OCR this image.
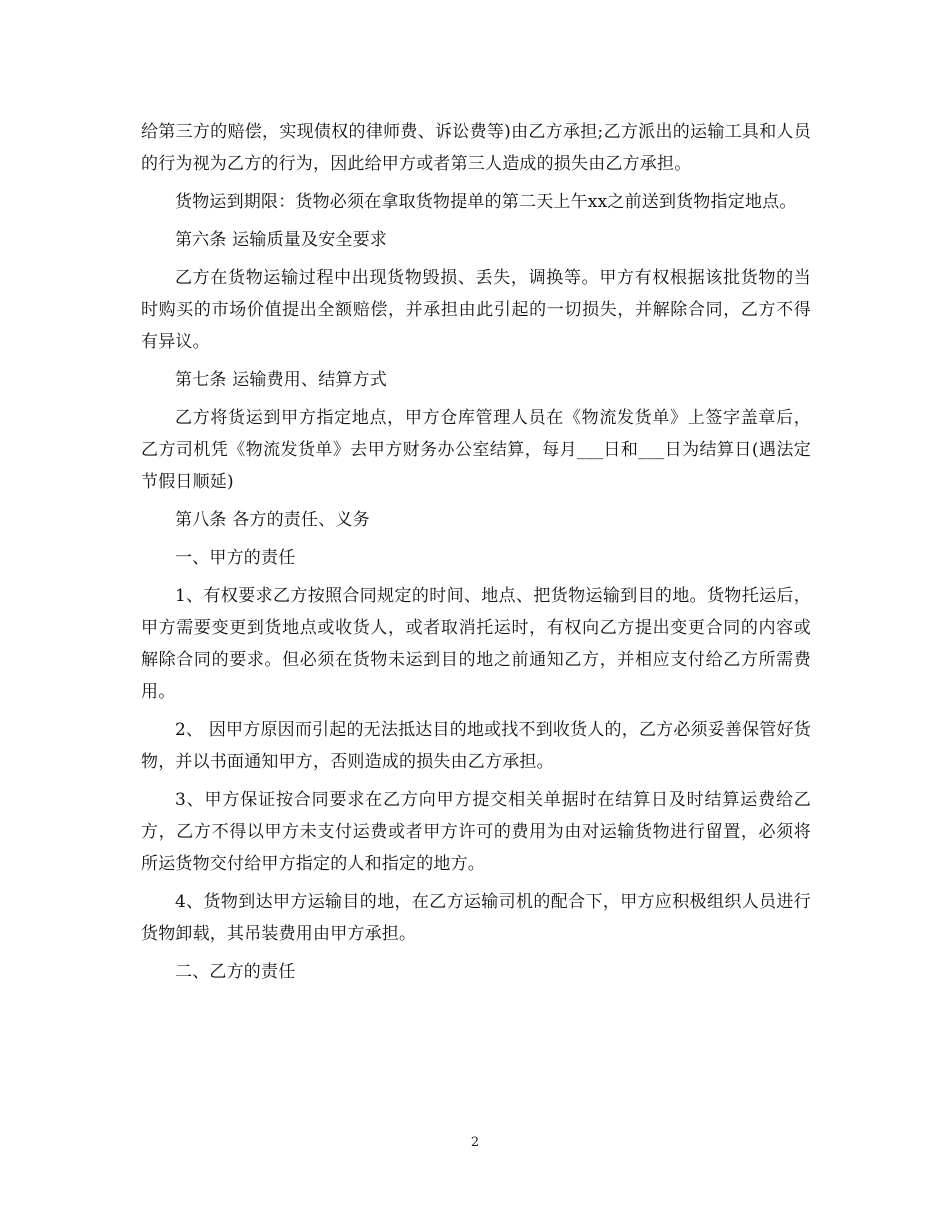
给第三方的赔偿，实现债权的律师费、诉讼费等)由乙方承担;乙方派出的运输工具和人员的行为视为乙方的行为，因此给甲方或者第三人造成的损失由乙方承担。

货物运到期限：货物必须在拿取货物提单的第二天上午xx之前送到货物指定地点。

第六条 运输质量及安全要求

乙方在货物运输过程中出现货物毁损、丢失，调换等。甲方有权根据该批货物的当时购买的市场价值提出全额赔偿，并承担由此引起的一切损失，并解除合同，乙方不得有异议。

第七条 运输费用、结算方式

乙方将货运到甲方指定地点，甲方仓库管理人员在《物流发货单》上签字盖章后，乙方司机凭《物流发货单》去甲方财务办公室结算，每月___日和___日为结算日(遇法定节假日顺延)

第八条 各方的责任、义务

一、甲方的责任

1、有权要求乙方按照合同规定的时间、地点、把货物运输到目的地。货物托运后，甲方需要变更到货地点或收货人，或者取消托运时，有权向乙方提出变更合同的内容或解除合同的要求。但必须在货物未运到目的地之前通知乙方，并相应支付给乙方所需费用。

2、 因甲方原因而引起的无法抵达目的地或找不到收货人的，乙方必须妥善保管好货物，并以书面通知甲方，否则造成的损失由乙方承担。

3、甲方保证按合同要求在乙方向甲方提交相关单据时在结算日及时结算运费给乙方，乙方不得以甲方未支付运费或者甲方许可的费用为由对运输货物进行留置，必须将所运货物交付给甲方指定的人和指定的地方。

4、货物到达甲方运输目的地，在乙方运输司机的配合下，甲方应积极组织人员进行货物卸载，其吊装费用由甲方承担。

二、乙方的责任

2
